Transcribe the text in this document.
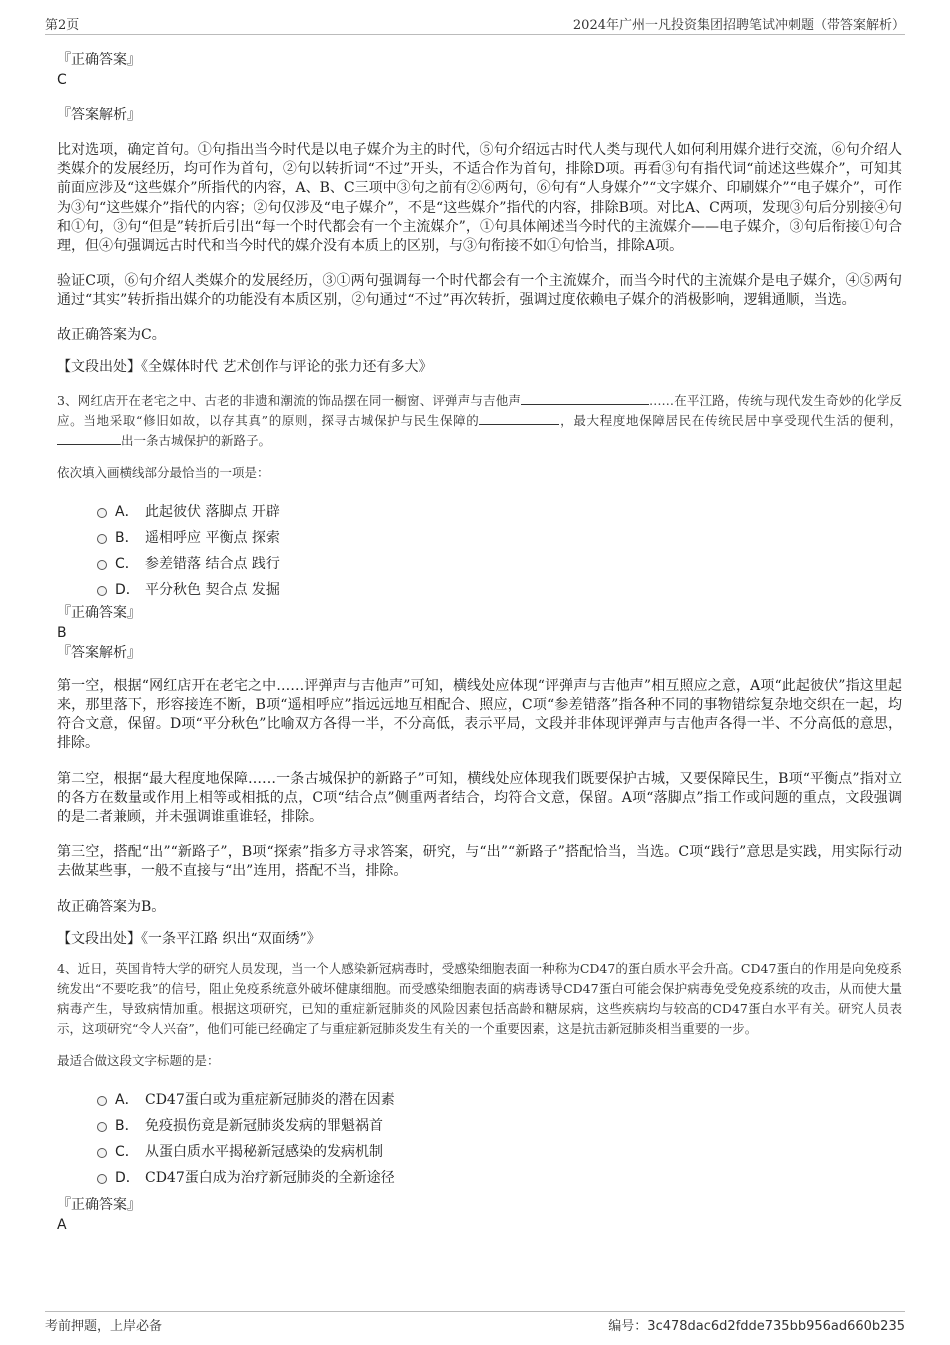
第2页	2024年广州一凡投资集团招聘笔试冲刺题（带答案解析）

『正确答案』

C

『答案解析』

比对选项，确定首句。①句指出当今时代是以电子媒介为主的时代，⑤句介绍远古时代人类与现代人如何利用媒介进行交流，⑥句介绍人类媒介的发展经历，均可作为首句，②句以转折词“不过”开头，不适合作为首句，排除D项。再看③句有指代词“前述这些媒介”，可知其前面应涉及“这些媒介”所指代的内容，A、B、C三项中③句之前有②⑥两句，⑥句有“人身媒介”“文字媒介、印刷媒介”“电子媒介”，可作为③句“这些媒介”指代的内容；②句仅涉及“电子媒介”，不是“这些媒介”指代的内容，排除B项。对比A、C两项，发现③句后分别接④句和①句，③句“但是”转折后引出“每一个时代都会有一个主流媒介”，①句具体阐述当今时代的主流媒介——电子媒介，③句后衔接①句合理，但④句强调远古时代和当今时代的媒介没有本质上的区别，与③句衔接不如①句恰当，排除A项。

验证C项，⑥句介绍人类媒介的发展经历，③①两句强调每一个时代都会有一个主流媒介，而当今时代的主流媒介是电子媒介，④⑤两句通过“其实”转折指出媒介的功能没有本质区别，②句通过“不过”再次转折，强调过度依赖电子媒介的消极影响，逻辑通顺，当选。

故正确答案为C。

【文段出处】《全媒体时代 艺术创作与评论的张力还有多大》

3、网红店开在老宅之中、古老的非遗和潮流的饰品摆在同一橱窗、评弹声与吉他声	……在平江路，传统与现代发生奇妙的化学反应。当地采取“修旧如故，以存其真”的原则，探寻古城保护与民生保障的	，最大程度地保障居民在传统民居中享受现代生活的便利，出一条古城保护的新路子。

依次填入画横线部分最恰当的一项是：

A． 此起彼伏 落脚点 开辟
B． 遥相呼应 平衡点 探索
C． 参差错落 结合点 践行
D． 平分秋色 契合点 发掘

『正确答案』

B

『答案解析』

第一空，根据“网红店开在老宅之中……评弹声与吉他声”可知，横线处应体现“评弹声与吉他声”相互照应之意，A项“此起彼伏”指这里起来，那里落下，形容接连不断，B项“遥相呼应”指远远地互相配合、照应，C项“参差错落”指各种不同的事物错综复杂地交织在一起，均符合文意，保留。D项“平分秋色”比喻双方各得一半，不分高低，表示平局，文段并非体现评弹声与吉他声各得一半、不分高低的意思，排除。

第二空，根据“最大程度地保障……一条古城保护的新路子”可知，横线处应体现我们既要保护古城，又要保障民生，B项“平衡点”指对立的各方在数量或作用上相等或相抵的点，C项“结合点”侧重两者结合，均符合文意，保留。A项“落脚点”指工作或问题的重点，文段强调的是二者兼顾，并未强调谁重谁轻，排除。

第三空，搭配“出”“新路子”，B项“探索”指多方寻求答案，研究，与“出”“新路子”搭配恰当，当选。C项“践行”意思是实践，用实际行动去做某些事，一般不直接与“出”连用，搭配不当，排除。

故正确答案为B。

【文段出处】《一条平江路 织出“双面绣”》

4、近日，英国肯特大学的研究人员发现，当一个人感染新冠病毒时，受感染细胞表面一种称为CD47的蛋白质水平会升高。CD47蛋白的作用是向免疫系统发出“不要吃我”的信号，阻止免疫系统意外破坏健康细胞。而受感染细胞表面的病毒诱导CD47蛋白可能会保护病毒免受免疫系统的攻击，从而使大量病毒产生，导致病情加重。根据这项研究，已知的重症新冠肺炎的风险因素包括高龄和糖尿病，这些疾病均与较高的CD47蛋白水平有关。研究人员表示，这项研究“令人兴奋”，他们可能已经确定了与重症新冠肺炎发生有关的一个重要因素，这是抗击新冠肺炎相当重要的一步。

最适合做这段文字标题的是：

A． CD47蛋白或为重症新冠肺炎的潜在因素
B． 免疫损伤竟是新冠肺炎发病的罪魁祸首
C． 从蛋白质水平揭秘新冠感染的发病机制
D． CD47蛋白成为治疗新冠肺炎的全新途径

『正确答案』

A

考前押题，上岸必备	编号：3c478dac6d2fdde735bb956ad660b235
